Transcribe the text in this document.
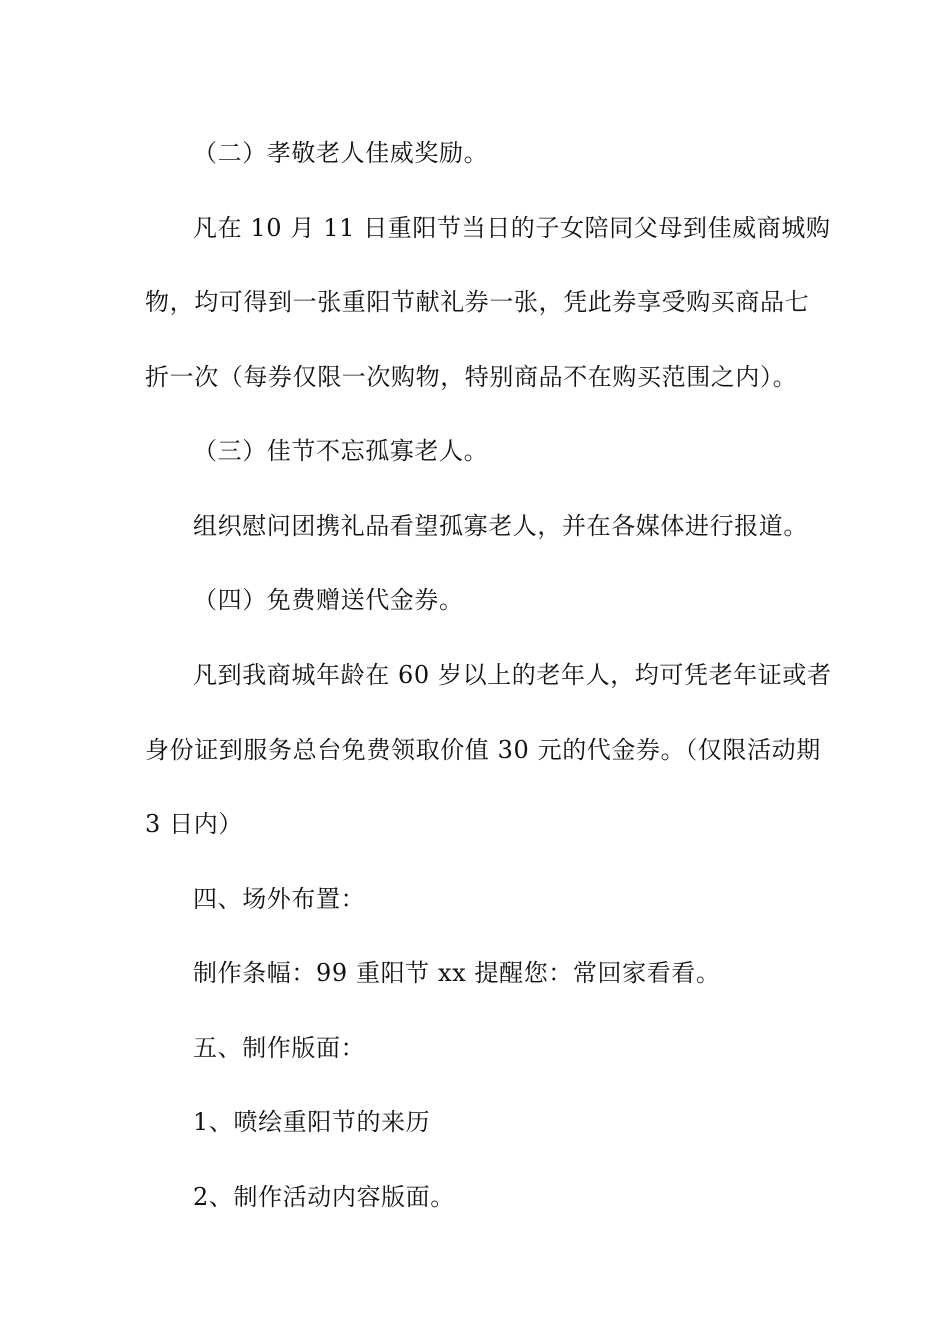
（二）孝敬老人佳威奖励。
凡在 10 月 11 日重阳节当日的子女陪同父母到佳威商城购
物，均可得到一张重阳节献礼券一张，凭此券享受购买商品七
折一次（每券仅限一次购物，特别商品不在购买范围之内）。
（三）佳节不忘孤寡老人。
组织慰问团携礼品看望孤寡老人，并在各媒体进行报道。
（四）免费赠送代金券。
凡到我商城年龄在 60 岁以上的老年人，均可凭老年证或者
身份证到服务总台免费领取价值 30 元的代金券。（仅限活动期
3 日内）
四、场外布置：
制作条幅：99 重阳节 xx 提醒您：常回家看看。
五、制作版面：
1、喷绘重阳节的来历
2、制作活动内容版面。
